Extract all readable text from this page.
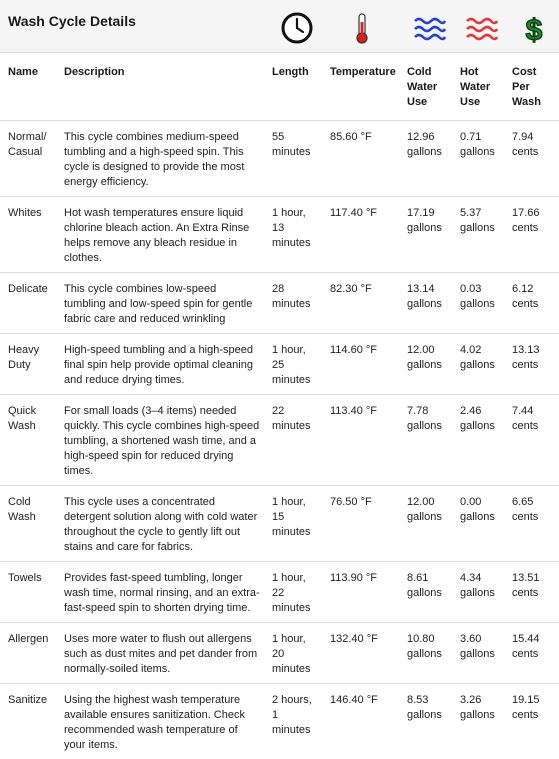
Wash Cycle Details	$
Name	Description	Length	Temperature	Cold Water Use	Hot Water Use	Cost Per Wash
Normal/ Casual	This cycle combines medium-speed tumbling and a high-speed spin. This cycle is designed to provide the most energy efficiency.	55 minutes	85.60 °F	12.96 gallons	0.71 gallons	7.94 cents
Whites	Hot wash temperatures ensure liquid chlorine bleach action. An Extra Rinse helps remove any bleach residue in clothes.	1 hour, 13 minutes	117.40 °F	17.19 gallons	5.37 gallons	17.66 cents
Delicate	This cycle combines low-speed tumbling and low-speed spin for gentle fabric care and reduced wrinkling	28 minutes	82.30 °F	13.14 gallons	0.03 gallons	6.12 cents
Heavy Duty	High-speed tumbling and a high-speed final spin help provide optimal cleaning and reduce drying times.	1 hour, 25 minutes	114.60 °F	12.00 gallons	4.02 gallons	13.13 cents
Quick Wash	For small loads (3–4 items) needed quickly. This cycle combines high-speed tumbling, a shortened wash time, and a high-speed spin for reduced drying times.	22 minutes	113.40 °F	7.78 gallons	2.46 gallons	7.44 cents
Cold Wash	This cycle uses a concentrated detergent solution along with cold water throughout the cycle to gently lift out stains and care for fabrics.	1 hour, 15 minutes	76.50 °F	12.00 gallons	0.00 gallons	6.65 cents
Towels	Provides fast-speed tumbling, longer wash time, normal rinsing, and an extra-fast-speed spin to shorten drying time.	1 hour, 22 minutes	113.90 °F	8.61 gallons	4.34 gallons	13.51 cents
Allergen	Uses more water to flush out allergens such as dust mites and pet dander from normally-soiled items.	1 hour, 20 minutes	132.40 °F	10.80 gallons	3.60 gallons	15.44 cents
Sanitize	Using the highest wash temperature available ensures sanitization. Check recommended wash temperature of your items.	2 hours, 1 minutes	146.40 °F	8.53 gallons	3.26 gallons	19.15 cents
